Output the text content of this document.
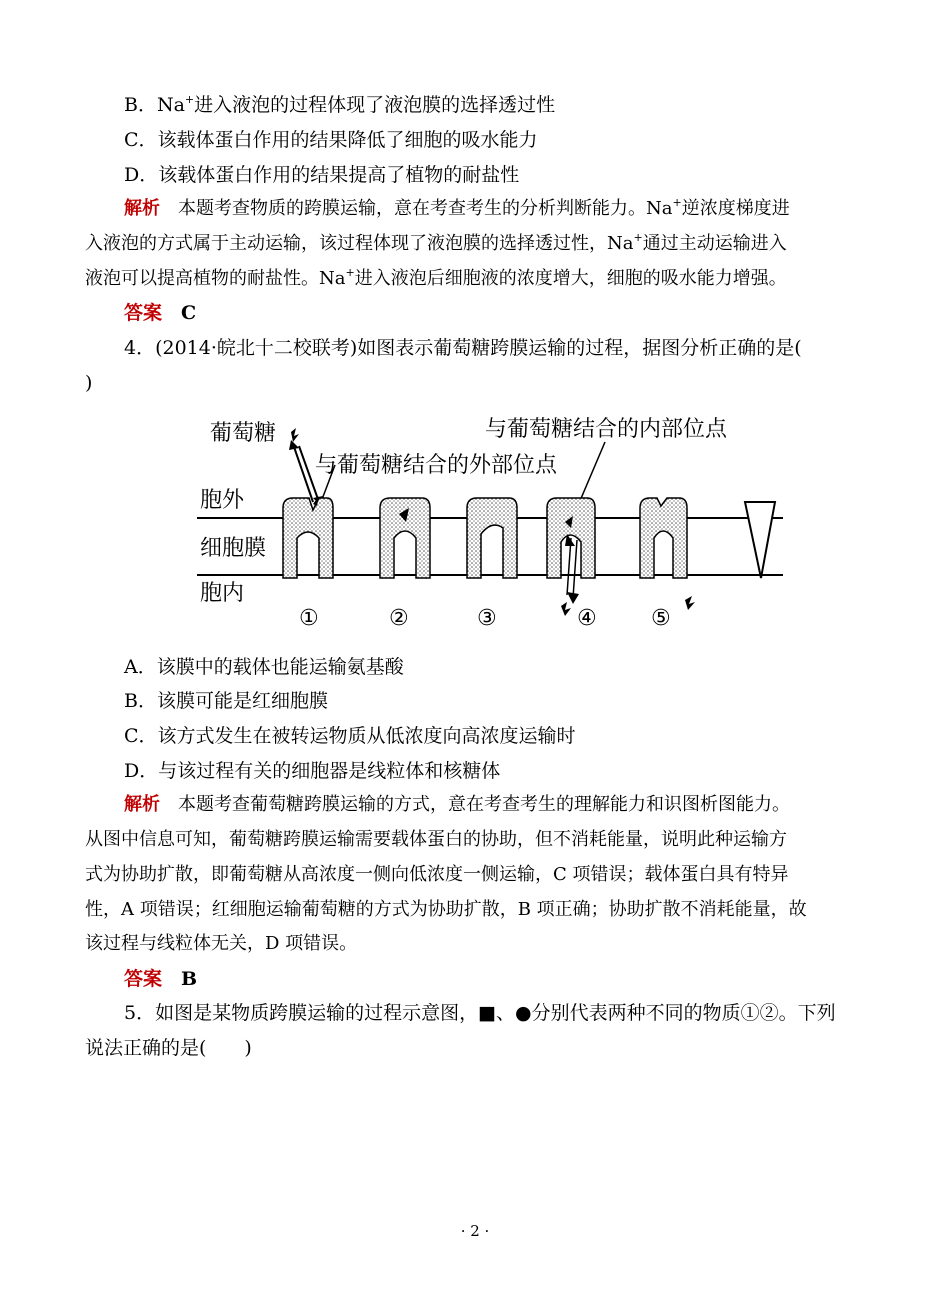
B．Na+进入液泡的过程体现了液泡膜的选择透过性
C．该载体蛋白作用的结果降低了细胞的吸水能力
D．该载体蛋白作用的结果提高了植物的耐盐性
解析　 本题考查物质的跨膜运输，意在考查考生的分析判断能力。Na+逆浓度梯度进
入液泡的方式属于主动运输，该过程体现了液泡膜的选择透过性，Na+通过主动运输进入
液泡可以提高植物的耐盐性。Na+进入液泡后细胞液的浓度增大，细胞的吸水能力增强。
答案　 C
4．(2014·皖北十二校联考)如图表示葡萄糖跨膜运输的过程，据图分析正确的是(
)
胞外
细胞膜
胞内
葡萄糖	与葡萄糖结合的内部位点
与葡萄糖结合的外部位点
①	②	③	④ ⑤
A．该膜中的载体也能运输氨基酸
B．该膜可能是红细胞膜
C．该方式发生在被转运物质从低浓度向高浓度运输时
D．与该过程有关的细胞器是线粒体和核糖体
解析　 本题考查葡萄糖跨膜运输的方式，意在考查考生的理解能力和识图析图能力。
从图中信息可知，葡萄糖跨膜运输需要载体蛋白的协助，但不消耗能量，说明此种运输方
式为协助扩散，即葡萄糖从高浓度一侧向低浓度一侧运输，C 项错误；载体蛋白具有特异
性，A 项错误；红细胞运输葡萄糖的方式为协助扩散，B 项正确；协助扩散不消耗能量，故
该过程与线粒体无关，D 项错误。
答案　 B
5．如图是某物质跨膜运输的过程示意图，■、●分别代表两种不同的物质①②。下列
说法正确的是(　　)
· 2 ·
